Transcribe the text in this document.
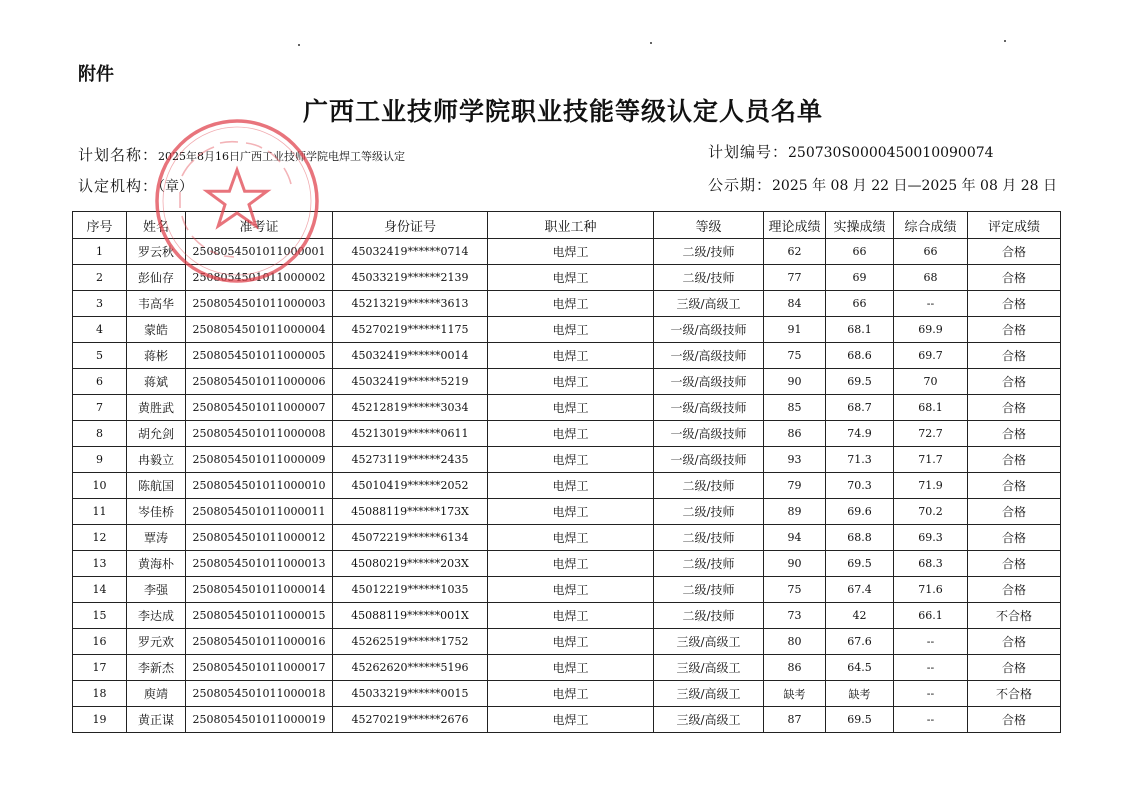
附件
广西工业技师学院职业技能等级认定人员名单
计划名称：2025年8月16日广西工业技师学院电焊工等级认定	计划编号：250730S0000450010090074
认定机构：（章）	公示期：2025 年 08 月 22 日—2025 年 08 月 28 日
序号	姓名	准考证	身份证号	职业工种	等级	理论成绩	实操成绩	综合成绩	评定成绩
1	罗云秋	2508054501011000001	45032419******0714	电焊工	二级/技师	62	66	66	合格
2	彭仙存	2508054501011000002	45033219******2139	电焊工	二级/技师	77	69	68	合格
3	韦高华	2508054501011000003	45213219******3613	电焊工	三级/高级工	84	66	--	合格
4	蒙皓	2508054501011000004	45270219******1175	电焊工	一级/高级技师	91	68.1	69.9	合格
5	蒋彬	2508054501011000005	45032419******0014	电焊工	一级/高级技师	75	68.6	69.7	合格
6	蒋斌	2508054501011000006	45032419******5219	电焊工	一级/高级技师	90	69.5	70	合格
7	黄胜武	2508054501011000007	45212819******3034	电焊工	一级/高级技师	85	68.7	68.1	合格
8	胡允剑	2508054501011000008	45213019******0611	电焊工	一级/高级技师	86	74.9	72.7	合格
9	冉毅立	2508054501011000009	45273119******2435	电焊工	一级/高级技师	93	71.3	71.7	合格
10	陈航国	2508054501011000010	45010419******2052	电焊工	二级/技师	79	70.3	71.9	合格
11	岑佳桥	2508054501011000011	45088119******173X	电焊工	二级/技师	89	69.6	70.2	合格
12	覃涛	2508054501011000012	45072219******6134	电焊工	二级/技师	94	68.8	69.3	合格
13	黄海朴	2508054501011000013	45080219******203X	电焊工	二级/技师	90	69.5	68.3	合格
14	李强	2508054501011000014	45012219******1035	电焊工	二级/技师	75	67.4	71.6	合格
15	李达成	2508054501011000015	45088119******001X	电焊工	二级/技师	73	42	66.1	不合格
16	罗元欢	2508054501011000016	45262519******1752	电焊工	三级/高级工	80	67.6	--	合格
17	李新杰	2508054501011000017	45262620******5196	电焊工	三级/高级工	86	64.5	--	合格
18	庾靖	2508054501011000018	45033219******0015	电焊工	三级/高级工	缺考	缺考	--	不合格
19	黄正谋	2508054501011000019	45270219******2676	电焊工	三级/高级工	87	69.5	--	合格
